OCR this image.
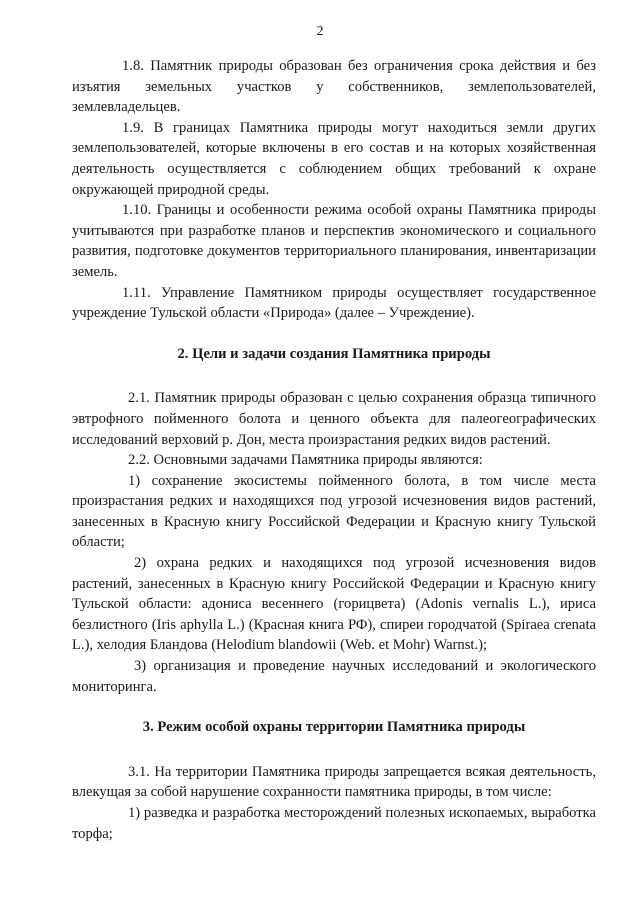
2

1.8. Памятник природы образован без ограничения срока действия и без изъятия земельных участков у собственников, землепользователей, землевладельцев.

1.9. В границах Памятника природы могут находиться земли других землепользователей, которые включены в его состав и на которых хозяйственная деятельность осуществляется с соблюдением общих требований к охране окружающей природной среды.

1.10. Границы и особенности режима особой охраны Памятника природы учитываются при разработке планов и перспектив экономического и социального развития, подготовке документов территориального планирования, инвентаризации земель.

1.11. Управление Памятником природы осуществляет государственное учреждение Тульской области «Природа» (далее – Учреждение).

2. Цели и задачи создания Памятника природы

2.1. Памятник природы образован с целью сохранения образца типичного эвтрофного пойменного болота и ценного объекта для палеогеографических исследований верховий р. Дон, места произрастания редких видов растений.

2.2. Основными задачами Памятника природы являются:

1) сохранение экосистемы пойменного болота, в том числе места произрастания редких и находящихся под угрозой исчезновения видов растений, занесенных в Красную книгу Российской Федерации и Красную книгу Тульской области;

2) охрана редких и находящихся под угрозой исчезновения видов растений, занесенных в Красную книгу Российской Федерации и Красную книгу Тульской области: адониса весеннего (горицвета) (Adonis vernalis L.), ириса безлистного (Iris aphylla L.) (Красная книга РФ), спиреи городчатой (Spiraea crenata L.), хелодия Бландова (Helodium blandowii (Web. et Mohr) Warnst.);

3) организация и проведение научных исследований и экологического мониторинга.

3. Режим особой охраны территории Памятника природы

3.1. На территории Памятника природы запрещается всякая деятельность, влекущая за собой нарушение сохранности памятника природы, в том числе:

1) разведка и разработка месторождений полезных ископаемых, выработка торфа;
